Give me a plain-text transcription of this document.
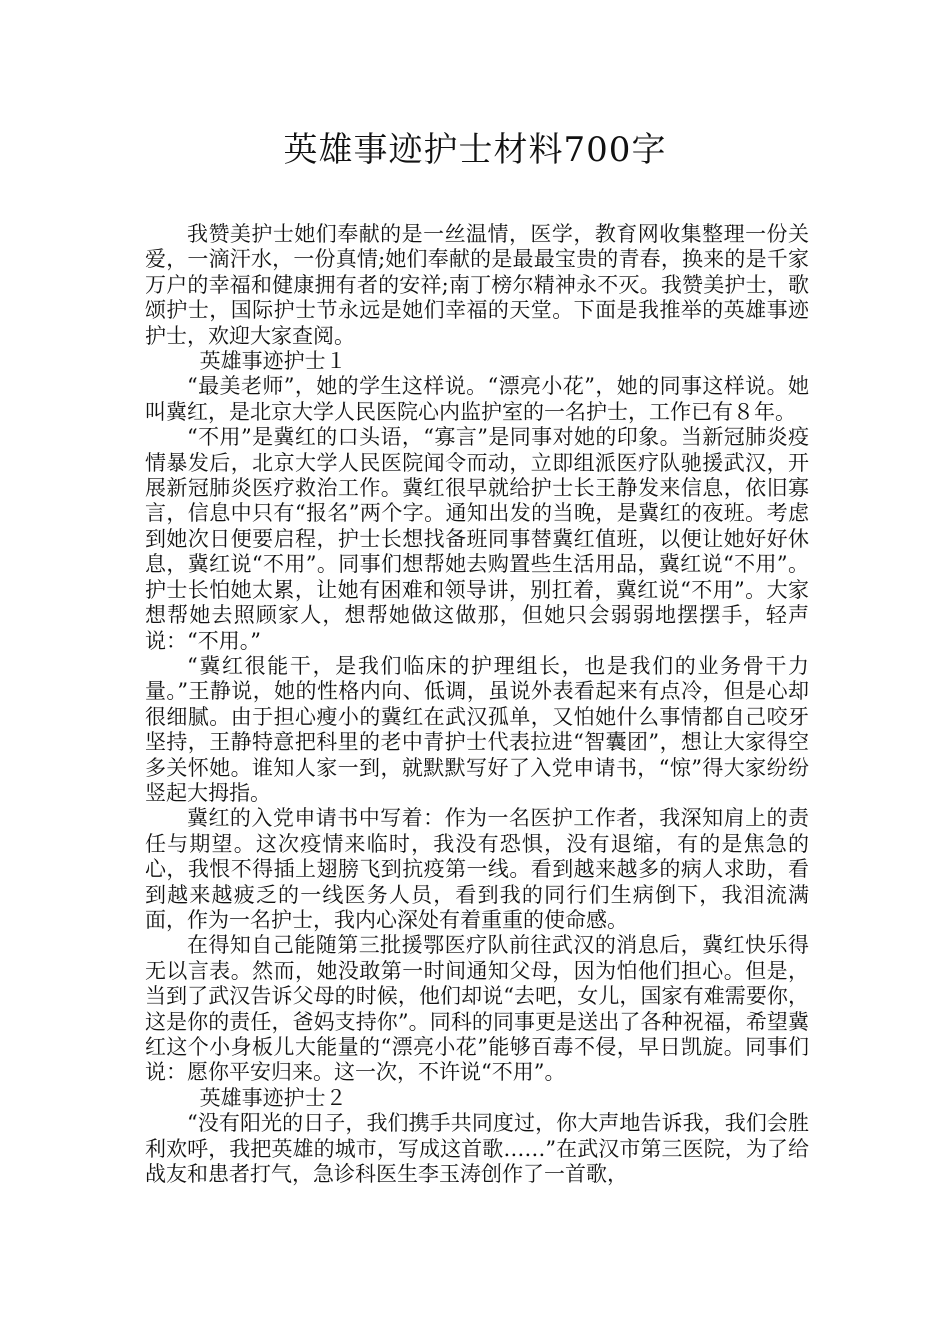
英雄事迹护士材料700字

我赞美护士她们奉献的是一丝温情，医学，教育网收集整理一份关爱，一滴汗水，一份真情;她们奉献的是最最宝贵的青春，换来的是千家万户的幸福和健康拥有者的安祥;南丁榜尔精神永不灭。我赞美护士，歌颂护士，国际护士节永远是她们幸福的天堂。下面是我推举的英雄事迹护士，欢迎大家查阅。

英雄事迹护士１

“最美老师”，她的学生这样说。“漂亮小花”，她的同事这样说。她叫冀红，是北京大学人民医院心内监护室的一名护士，工作已有８年。

“不用”是冀红的口头语，“寡言”是同事对她的印象。当新冠肺炎疫情暴发后，北京大学人民医院闻令而动，立即组派医疗队驰援武汉，开展新冠肺炎医疗救治工作。冀红很早就给护士长王静发来信息，依旧寡言，信息中只有“报名”两个字。通知出发的当晚，是冀红的夜班。考虑到她次日便要启程，护士长想找备班同事替冀红值班，以便让她好好休息，冀红说“不用”。同事们想帮她去购置些生活用品，冀红说“不用”。护士长怕她太累，让她有困难和领导讲，别扛着，冀红说“不用”。大家想帮她去照顾家人，想帮她做这做那，但她只会弱弱地摆摆手，轻声说：“不用。”

“冀红很能干，是我们临床的护理组长，也是我们的业务骨干力量。”王静说，她的性格内向、低调，虽说外表看起来有点冷，但是心却很细腻。由于担心瘦小的冀红在武汉孤单，又怕她什么事情都自己咬牙坚持，王静特意把科里的老中青护士代表拉进“智囊团”，想让大家得空多关怀她。谁知人家一到，就默默写好了入党申请书，“惊”得大家纷纷竖起大拇指。

冀红的入党申请书中写着：作为一名医护工作者，我深知肩上的责任与期望。这次疫情来临时，我没有恐惧，没有退缩，有的是焦急的心，我恨不得插上翅膀飞到抗疫第一线。看到越来越多的病人求助，看到越来越疲乏的一线医务人员，看到我的同行们生病倒下，我泪流满面，作为一名护士，我内心深处有着重重的使命感。

在得知自己能随第三批援鄂医疗队前往武汉的消息后，冀红快乐得无以言表。然而，她没敢第一时间通知父母，因为怕他们担心。但是，当到了武汉告诉父母的时候，他们却说“去吧，女儿，国家有难需要你，这是你的责任，爸妈支持你”。同科的同事更是送出了各种祝福，希望冀红这个小身板儿大能量的“漂亮小花”能够百毒不侵，早日凯旋。同事们说：愿你平安归来。这一次，不许说“不用”。

英雄事迹护士２

“没有阳光的日子，我们携手共同度过，你大声地告诉我，我们会胜利欢呼，我把英雄的城市，写成这首歌……”在武汉市第三医院，为了给战友和患者打气，急诊科医生李玉涛创作了一首歌，
